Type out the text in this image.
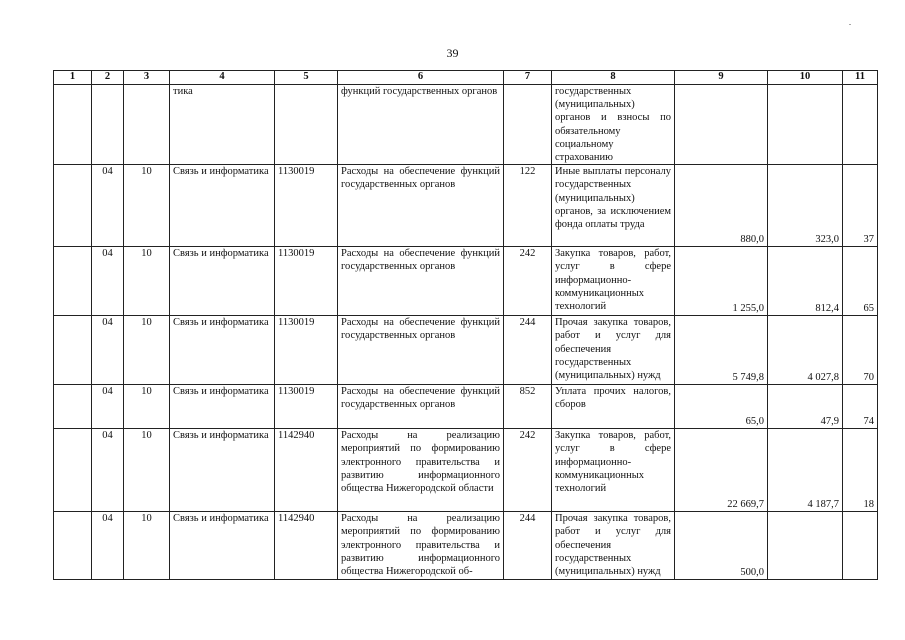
39
.
1	2	3	4	5	6	7	8	9	10	11
			тика		функций государственных органов		государственных (муниципальных) органов и взносы по обязательному социальному страхованию			
	04	10	Связь и информатика	1130019	Расходы на обеспечение функций государственных органов	122	Иные выплаты персоналу государственных (муниципальных) органов, за исключением фонда оплаты труда	880,0	323,0	37
	04	10	Связь и информатика	1130019	Расходы на обеспечение функций государственных органов	242	Закупка товаров, работ, услуг в сфере информационно-коммуникационных технологий	1 255,0	812,4	65
	04	10	Связь и информатика	1130019	Расходы на обеспечение функций государственных органов	244	Прочая закупка товаров, работ и услуг для обеспечения государственных (муниципальных) нужд	5 749,8	4 027,8	70
	04	10	Связь и информатика	1130019	Расходы на обеспечение функций государственных органов	852	Уплата прочих налогов, сборов	65,0	47,9	74
	04	10	Связь и информатика	1142940	Расходы на реализацию мероприятий по формированию электронного правительства и развитию информационного общества Нижегородской области	242	Закупка товаров, работ, услуг в сфере информационно-коммуникационных технологий	22 669,7	4 187,7	18
	04	10	Связь и информатика	1142940	Расходы на реализацию мероприятий по формированию электронного правительства и развитию информационного общества Нижегородской об-	244	Прочая закупка товаров, работ и услуг для обеспечения государственных (муниципальных) нужд	500,0		
